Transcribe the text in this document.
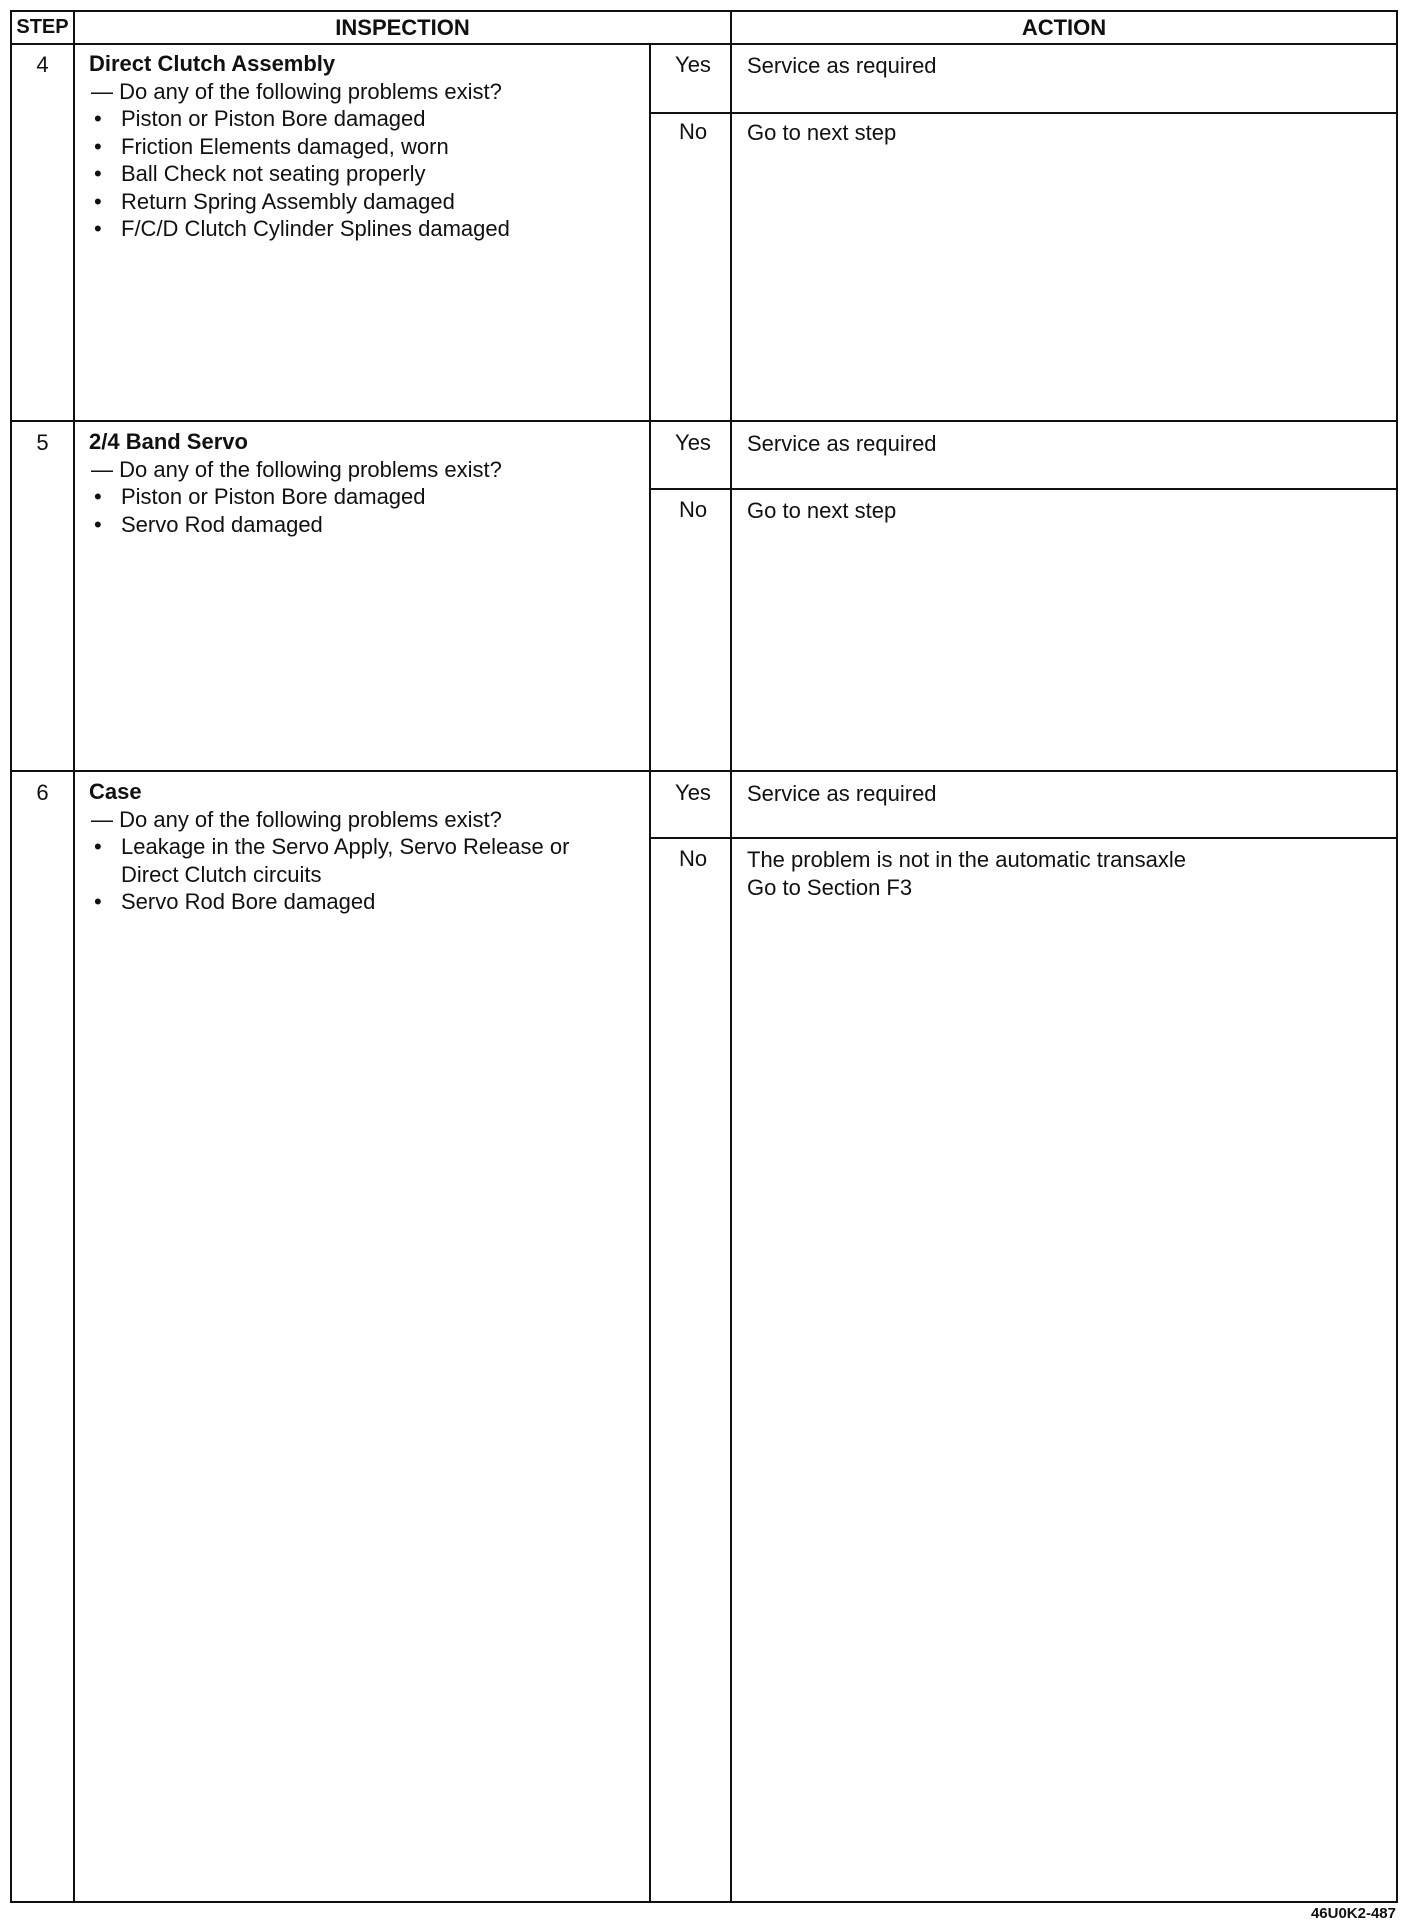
STEP	INSPECTION	ACTION
4	Direct Clutch Assembly
— Do any of the following problems exist?
• Piston or Piston Bore damaged
• Friction Elements damaged, worn
• Ball Check not seating properly
• Return Spring Assembly damaged
• F/C/D Clutch Cylinder Splines damaged
Yes	Service as required
No	Go to next step
5	2/4 Band Servo
— Do any of the following problems exist?
• Piston or Piston Bore damaged
• Servo Rod damaged
Yes	Service as required
No	Go to next step
6	Case
— Do any of the following problems exist?
• Leakage in the Servo Apply, Servo Release or Direct Clutch circuits
• Servo Rod Bore damaged
Yes	Service as required
No	The problem is not in the automatic transaxle
Go to Section F3
46U0K2-487
